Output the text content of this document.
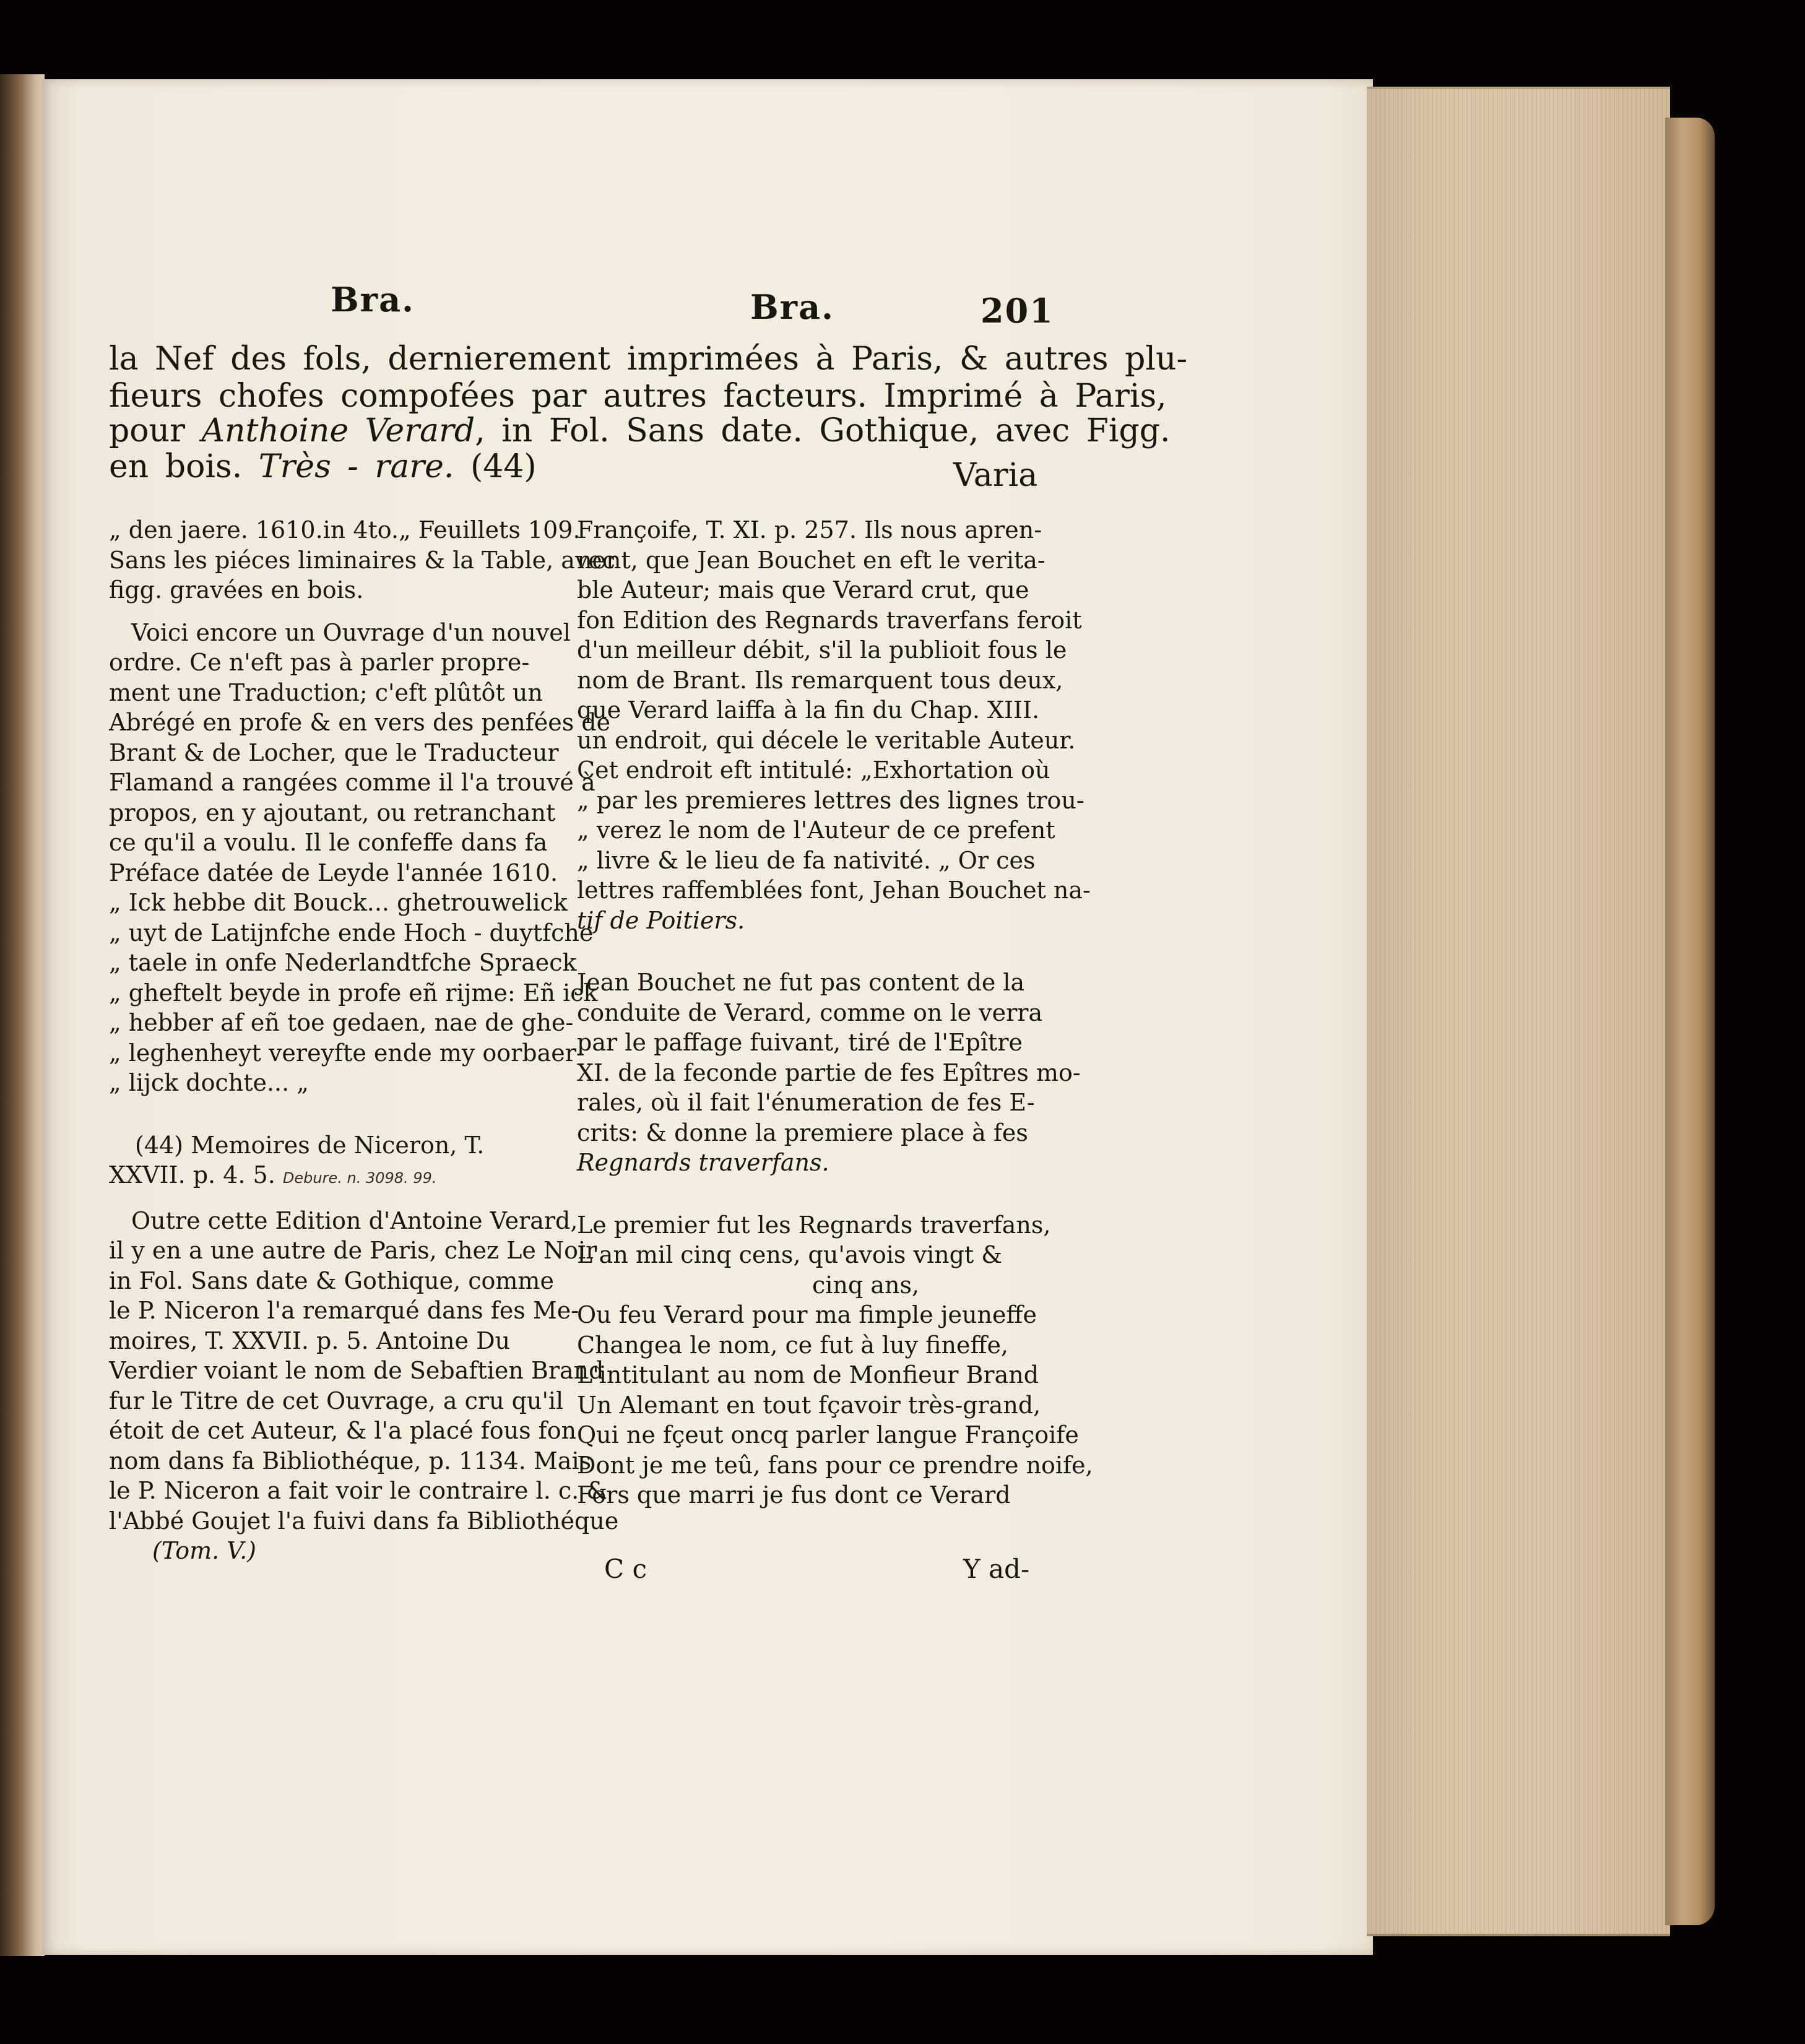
Bra.	Bra.	201
la Nef des fols, dernierement imprimées à Paris, & autres plu-
fieurs chofes compofées par autres facteurs. Imprimé à Paris,
pour Anthoine Verard, in Fol. Sans date. Gothique, avec Figg.
en bois. Très - rare. (44)	Varia

„ den jaere. 1610.in 4to.„ Feuillets 109.
Sans les piéces liminaires & la Table, avec
figg. gravées en bois.

Voici encore un Ouvrage d'un nouvel
ordre. Ce n'eft pas à parler propre-
ment une Traduction; c'eft plûtôt un
Abrégé en profe & en vers des penfées de
Brant & de Locher, que le Traducteur
Flamand a rangées comme il l'a trouvé à
propos, en y ajoutant, ou retranchant
ce qu'il a voulu. Il le confeffe dans fa
Préface datée de Leyde l'année 1610.
„ Ick hebbe dit Bouck... ghetrouwelick
„ uyt de Latijnfche ende Hoch - duytfche
„ taele in onfe Nederlandtfche Spraeck
„ gheftelt beyde in profe eñ rijme: Eñ ick
„ hebber af eñ toe gedaen, nae de ghe-
„ leghenheyt vereyfte ende my oorbaer-
„ lijck dochte... „

(44) Memoires de Niceron, T.
XXVII. p. 4. 5. Debure. n. 3098. 99.

Outre cette Edition d'Antoine Verard,
il y en a une autre de Paris, chez Le Noir
in Fol. Sans date & Gothique, comme
le P. Niceron l'a remarqué dans fes Me-
moires, T. XXVII. p. 5. Antoine Du
Verdier voiant le nom de Sebaftien Brand
fur le Titre de cet Ouvrage, a cru qu'il
étoit de cet Auteur, & l'a placé fous fon
nom dans fa Bibliothéque, p. 1134. Mais
le P. Niceron a fait voir le contraire l. c. &
l'Abbé Goujet l'a fuivi dans fa Bibliothéque

(Tom. V.)

Françoife, T. XI. p. 257. Ils nous apren-
nent, que Jean Bouchet en eft le verita-
ble Auteur; mais que Verard crut, que
fon Edition des Regnards traverfans feroit
d'un meilleur débit, s'il la publioit fous le
nom de Brant. Ils remarquent tous deux,
que Verard laiffa à la fin du Chap. XIII.
un endroit, qui décele le veritable Auteur.
Cet endroit eft intitulé: „Exhortation où
„ par les premieres lettres des lignes trou-
„ verez le nom de l'Auteur de ce prefent
„ livre & le lieu de fa nativité. „ Or ces
lettres raffemblées font, Jehan Bouchet na-
tif de Poitiers.

Jean Bouchet ne fut pas content de la
conduite de Verard, comme on le verra
par le paffage fuivant, tiré de l'Epître
XI. de la feconde partie de fes Epîtres mo-
rales, où il fait l'énumeration de fes E-
crits: & donne la premiere place à fes
Regnards traverfans.

Le premier fut les Regnards traverfans,
L'an mil cinq cens, qu'avois vingt &
cinq ans,
Ou feu Verard pour ma fimple jeuneffe
Changea le nom, ce fut à luy fineffe,
L'intitulant au nom de Monfieur Brand
Un Alemant en tout fçavoir très-grand,
Qui ne fçeut oncq parler langue Françoife
Dont je me teû, fans pour ce prendre noife,
Fors que marri je fus dont ce Verard

C c	Y ad-
